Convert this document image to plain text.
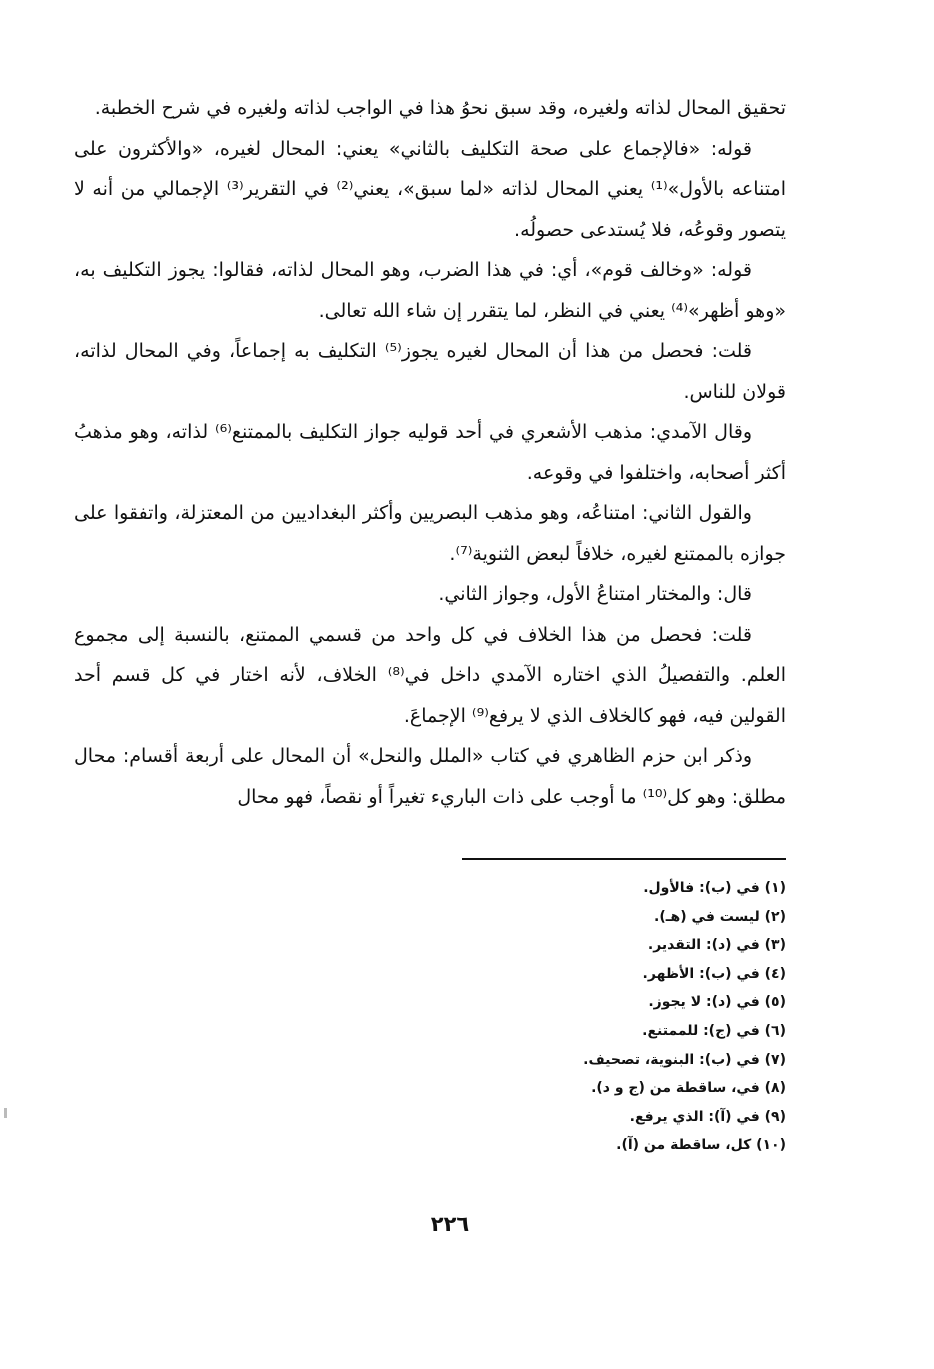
تحقيق المحال لذاته ولغيره، وقد سبق نحوُ هذا في الواجب لذاته ولغيره في شرح الخطبة.

قوله: «فالإجماع على صحة التكليف بالثاني» يعني: المحال لغيره، «والأكثرون على امتناعه بالأول»⁽¹⁾ يعني المحال لذاته «لما سبق»، يعني⁽²⁾ في التقرير⁽³⁾ الإجمالي من أنه لا يتصور وقوعُه، فلا يُستدعى حصولُه.

قوله: «وخالف قوم»، أي: في هذا الضرب، وهو المحال لذاته، فقالوا: يجوز التكليف به، «وهو أظهر»⁽⁴⁾ يعني في النظر، لما يتقرر إن شاء الله تعالى.

قلت: فحصل من هذا أن المحال لغيره يجوز⁽⁵⁾ التكليف به إجماعاً، وفي المحال لذاته، قولان للناس.

وقال الآمدي: مذهب الأشعري في أحد قوليه جواز التكليف بالممتنع⁽⁶⁾ لذاته، وهو مذهبُ أكثر أصحابه، واختلفوا في وقوعه.

والقول الثاني: امتناعُه، وهو مذهب البصريين وأكثر البغداديين من المعتزلة، واتفقوا على جوازه بالممتنع لغيره، خلافاً لبعض الثنوية⁽⁷⁾.

قال: والمختار امتناعُ الأول، وجواز الثاني.

قلت: فحصل من هذا الخلاف في كل واحد من قسمي الممتنع، بالنسبة إلى مجموع العلم. والتفصيلُ الذي اختاره الآمدي داخل في⁽⁸⁾ الخلاف، لأنه اختار في كل قسم أحد القولين فيه، فهو كالخلاف الذي لا يرفع⁽⁹⁾ الإجماعَ.

وذكر ابن حزم الظاهري في كتاب «الملل والنحل» أن المحال على أربعة أقسام: محال مطلق: وهو كل⁽¹⁰⁾ ما أوجب على ذات الباريء تغيراً أو نقصاً، فهو محال

(١) في (ب): فالأول.
(٢) ليست في (هـ).
(٣) في (د): التقدير.
(٤) في (ب): الأظهر.
(٥) في (د): لا يجوز.
(٦) في (ج): للممتنع.
(٧) في (ب): البنوية، تصحيف.
(٨) في، ساقطة من (ج و د).
(٩) في (آ): الذي يرفع.
(١٠) كل، ساقطة من (آ).
٢٢٦
